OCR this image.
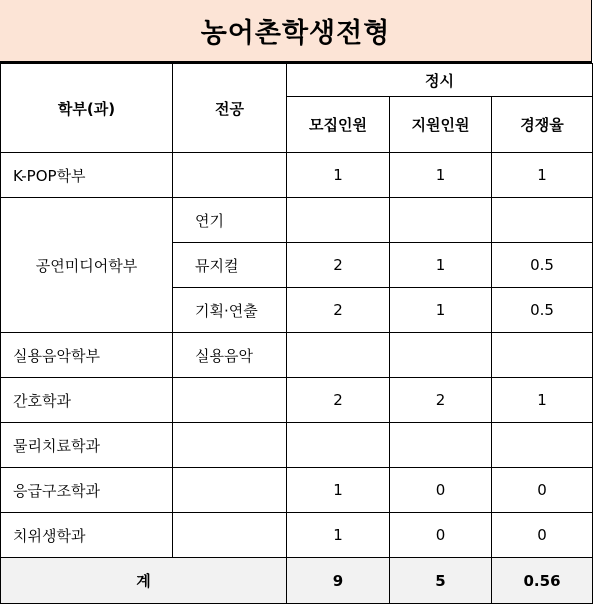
농어촌학생전형
학부(과)	전공	정시		
		모집인원	지원인원	경쟁율
K-POP학부		1	1	1
공연미디어학부	연기			
	뮤지컬	2	1	0.5
	기획·연출	2	1	0.5
실용음악학부	실용음악			
간호학과		2	2	1
물리치료학과				
응급구조학과		1	0	0
치위생학과		1	0	0
계		9	5	0.56
